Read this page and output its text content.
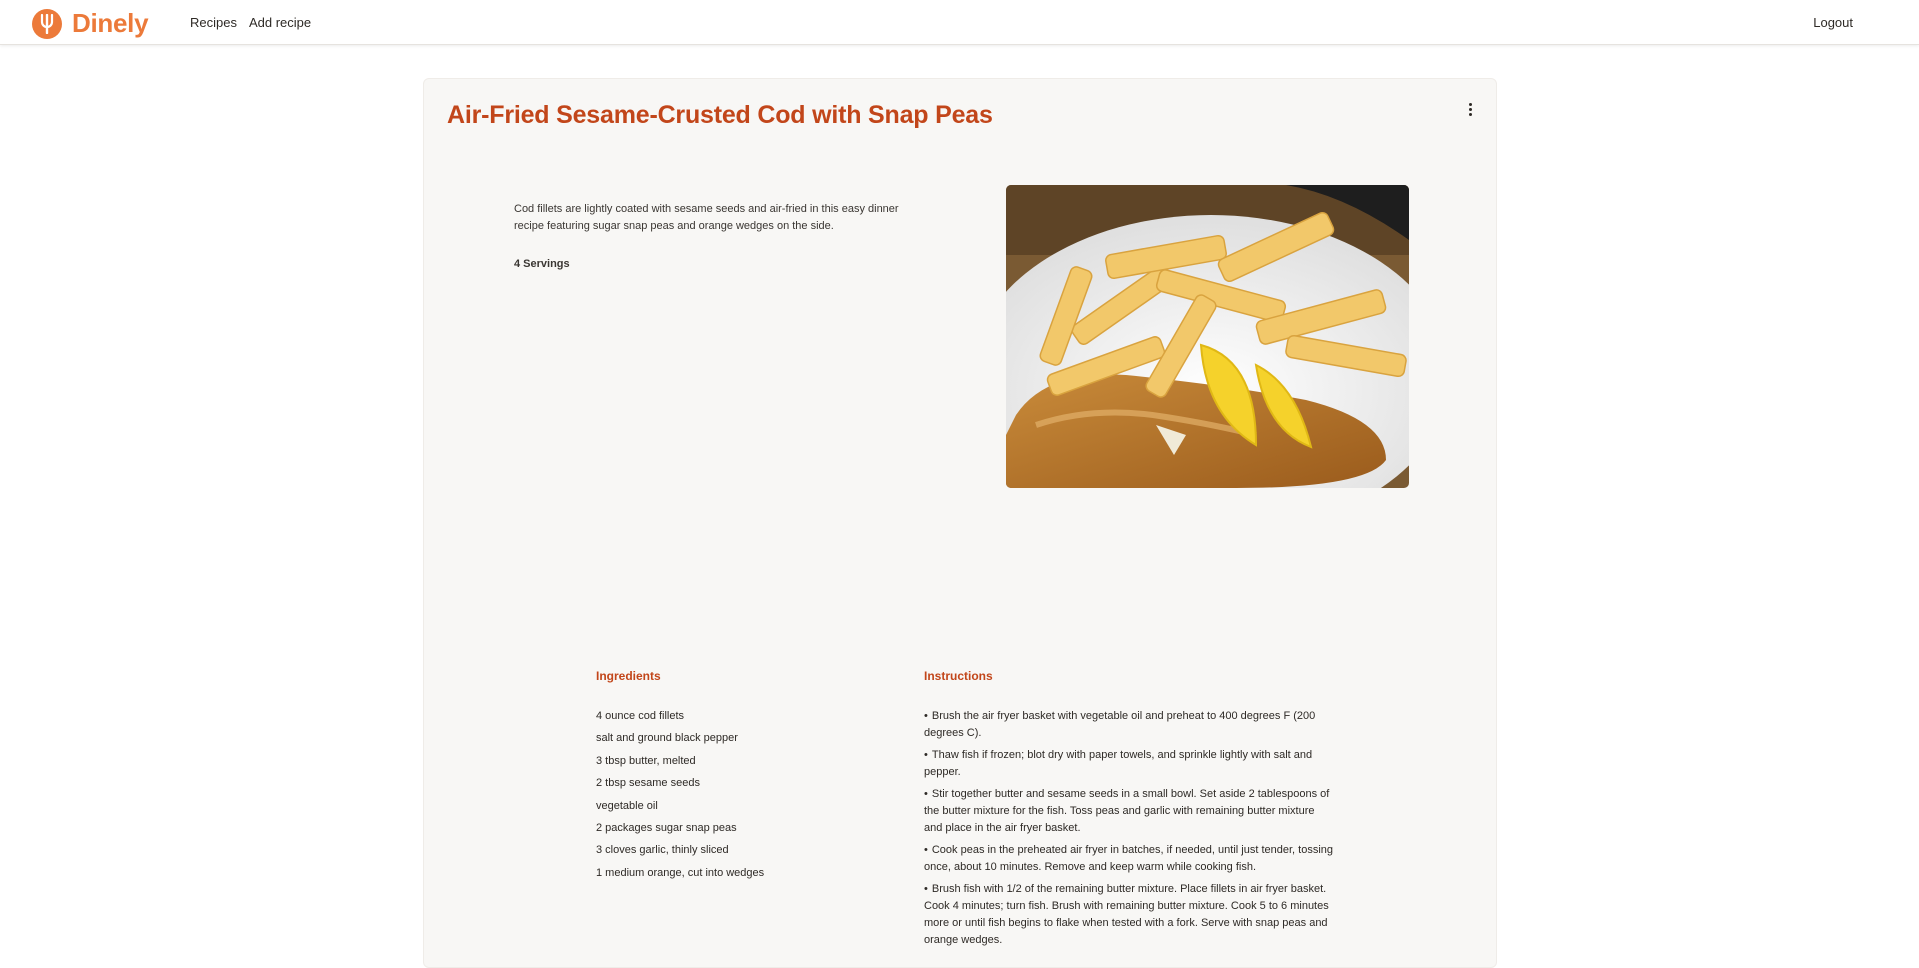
Dinely	Recipes Add recipe	Logout
Air-Fried Sesame-Crusted Cod with Snap Peas

Cod fillets are lightly coated with sesame seeds and air-fried in this easy dinner recipe featuring sugar snap peas and orange wedges on the side.

4 Servings

Ingredients
4 ounce cod fillets
salt and ground black pepper
3 tbsp butter, melted
2 tbsp sesame seeds
vegetable oil
2 packages sugar snap peas
3 cloves garlic, thinly sliced
1 medium orange, cut into wedges
Instructions
• Brush the air fryer basket with vegetable oil and preheat to 400 degrees F (200 degrees C).
• Thaw fish if frozen; blot dry with paper towels, and sprinkle lightly with salt and pepper.
• Stir together butter and sesame seeds in a small bowl. Set aside 2 tablespoons of the butter mixture for the fish. Toss peas and garlic with remaining butter mixture and place in the air fryer basket.
• Cook peas in the preheated air fryer in batches, if needed, until just tender, tossing once, about 10 minutes. Remove and keep warm while cooking fish.
• Brush fish with 1/2 of the remaining butter mixture. Place fillets in air fryer basket. Cook 4 minutes; turn fish. Brush with remaining butter mixture. Cook 5 to 6 minutes more or until fish begins to flake when tested with a fork. Serve with snap peas and orange wedges.
